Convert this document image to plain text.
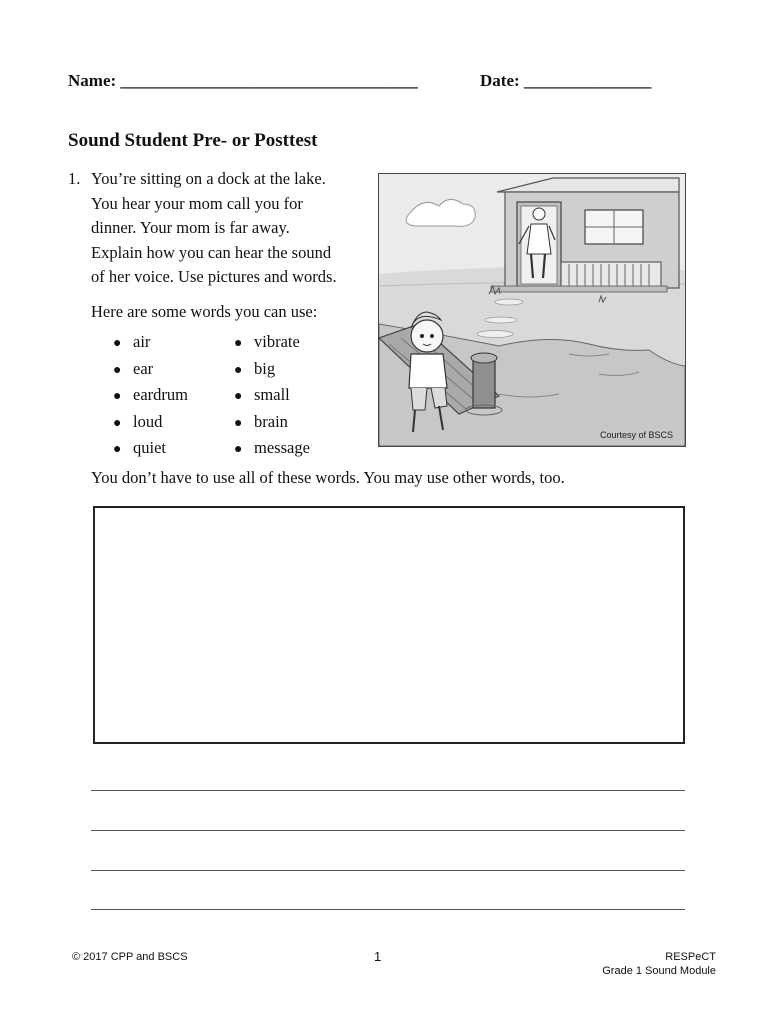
Name: ___________________________________	Date: _______________
Sound Student Pre- or Posttest
1. You’re sitting on a dock at the lake.
You hear your mom call you for
dinner. Your mom is far away.
Explain how you can hear the sound
of her voice. Use pictures and words.
Here are some words you can use:
● air
● ear
● eardrum
● loud
● quiet
● vibrate
● big
● small
● brain
● message
Courtesy of BSCS
You don’t have to use all of these words. You may use other words, too.
© 2017 CPP and BSCS	1	RESPeCT
Grade 1 Sound Module
